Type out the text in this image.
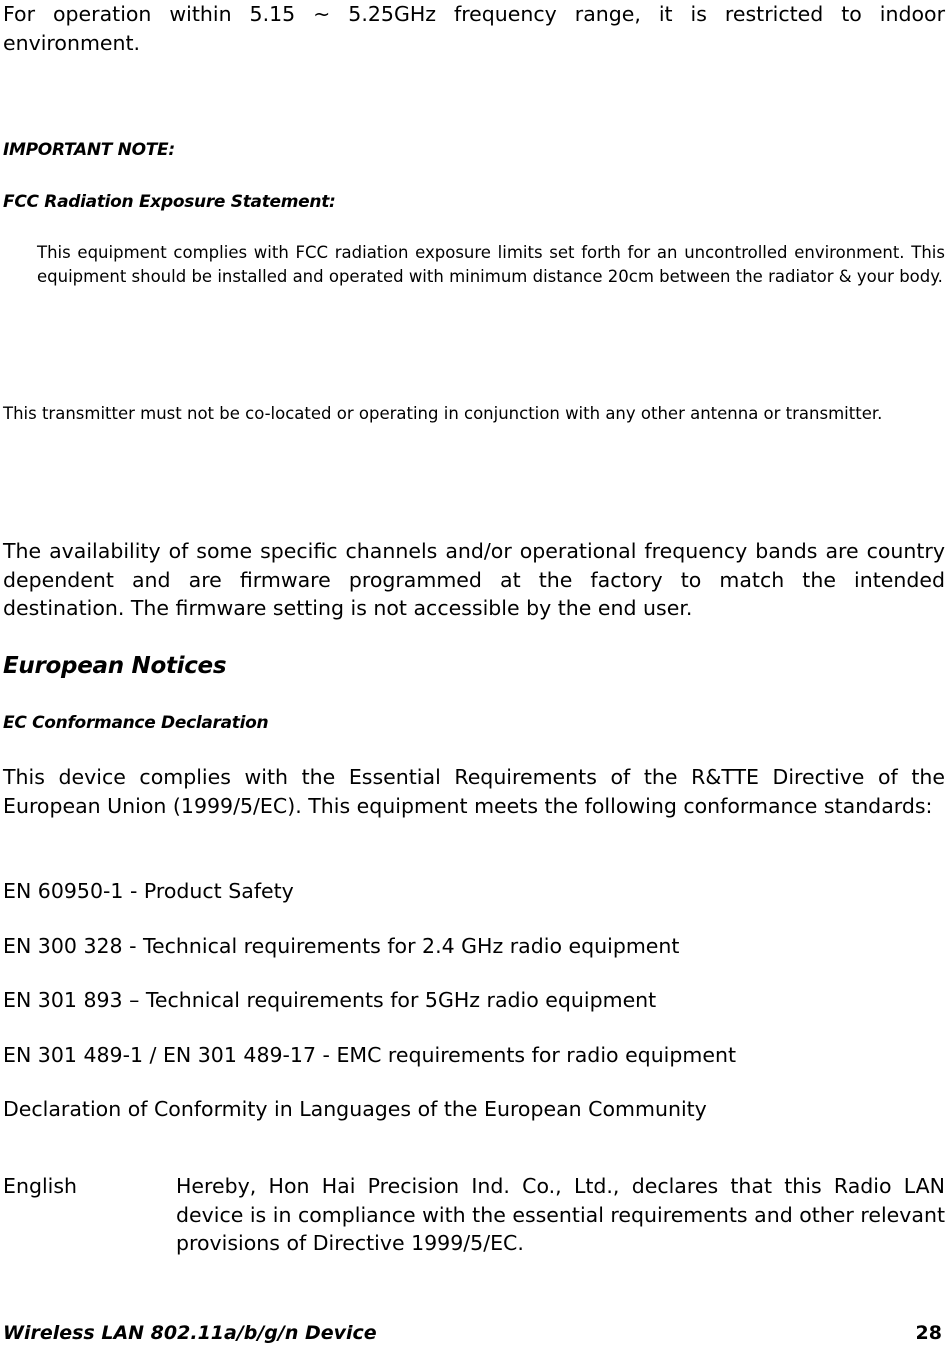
For operation within 5.15 ~ 5.25GHz frequency range, it is restricted to indoor environment.

IMPORTANT NOTE:

FCC Radiation Exposure Statement:

This equipment complies with FCC radiation exposure limits set forth for an uncontrolled environment. This equipment should be installed and operated with minimum distance 20cm between the radiator & your body.

This transmitter must not be co-located or operating in conjunction with any other antenna or transmitter.

The availability of some specific channels and/or operational frequency bands are country dependent and are firmware programmed at the factory to match the intended destination. The firmware setting is not accessible by the end user.

European Notices

EC Conformance Declaration

This device complies with the Essential Requirements of the R&TTE Directive of the European Union (1999/5/EC). This equipment meets the following conformance standards:

EN 60950-1 - Product Safety

EN 300 328 - Technical requirements for 2.4 GHz radio equipment

EN 301 893 – Technical requirements for 5GHz radio equipment

EN 301 489-1 / EN 301 489-17 - EMC requirements for radio equipment

Declaration of Conformity in Languages of the European Community

English	Hereby, Hon Hai Precision Ind. Co., Ltd., declares that this Radio LAN device is in compliance with the essential requirements and other relevant provisions of Directive 1999/5/EC.

Wireless LAN 802.11a/b/g/n Device	28
